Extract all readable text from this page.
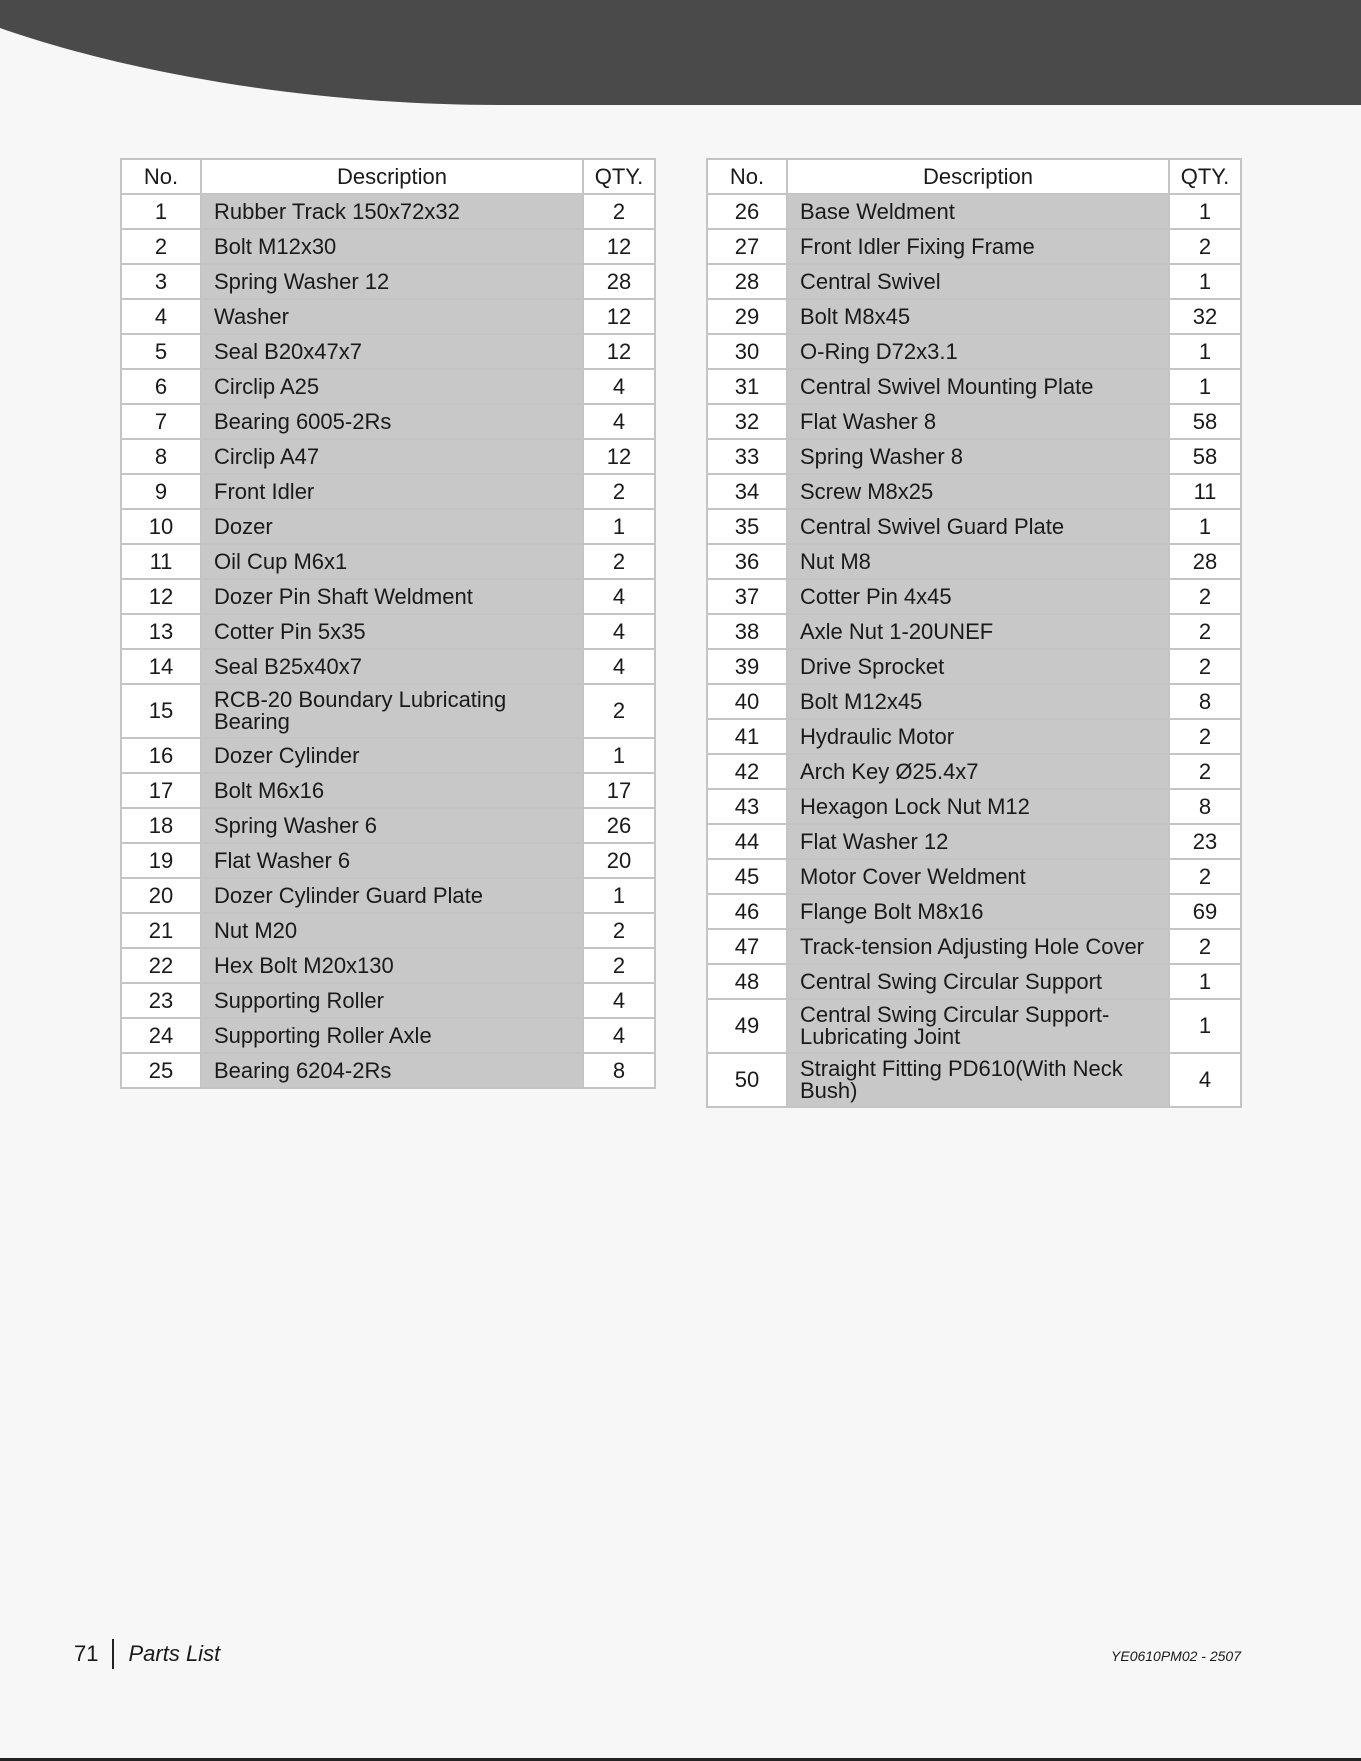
No.	Description	QTY.
1	Rubber Track 150x72x32	2
2	Bolt M12x30	12
3	Spring Washer 12	28
4	Washer	12
5	Seal B20x47x7	12
6	Circlip A25	4
7	Bearing 6005-2Rs	4
8	Circlip A47	12
9	Front Idler	2
10	Dozer	1
11	Oil Cup M6x1	2
12	Dozer Pin Shaft Weldment	4
13	Cotter Pin 5x35	4
14	Seal B25x40x7	4
15	RCB-20 Boundary Lubricating Bearing	2
16	Dozer Cylinder	1
17	Bolt M6x16	17
18	Spring Washer 6	26
19	Flat Washer 6	20
20	Dozer Cylinder Guard Plate	1
21	Nut M20	2
22	Hex Bolt M20x130	2
23	Supporting Roller	4
24	Supporting Roller Axle	4
25	Bearing 6204-2Rs	8
No.	Description	QTY.
26	Base Weldment	1
27	Front Idler Fixing Frame	2
28	Central Swivel	1
29	Bolt M8x45	32
30	O-Ring D72x3.1	1
31	Central Swivel Mounting Plate	1
32	Flat Washer 8	58
33	Spring Washer 8	58
34	Screw M8x25	11
35	Central Swivel Guard Plate	1
36	Nut M8	28
37	Cotter Pin 4x45	2
38	Axle Nut 1-20UNEF	2
39	Drive Sprocket	2
40	Bolt M12x45	8
41	Hydraulic Motor	2
42	Arch Key Ø25.4x7	2
43	Hexagon Lock Nut M12	8
44	Flat Washer 12	23
45	Motor Cover Weldment	2
46	Flange Bolt M8x16	69
47	Track-tension Adjusting Hole Cover	2
48	Central Swing Circular Support	1
49	Central Swing Circular Support-Lubricating Joint	1
50	Straight Fitting PD610(With Neck Bush)	4
71 Parts List	YE0610PM02 - 2507
